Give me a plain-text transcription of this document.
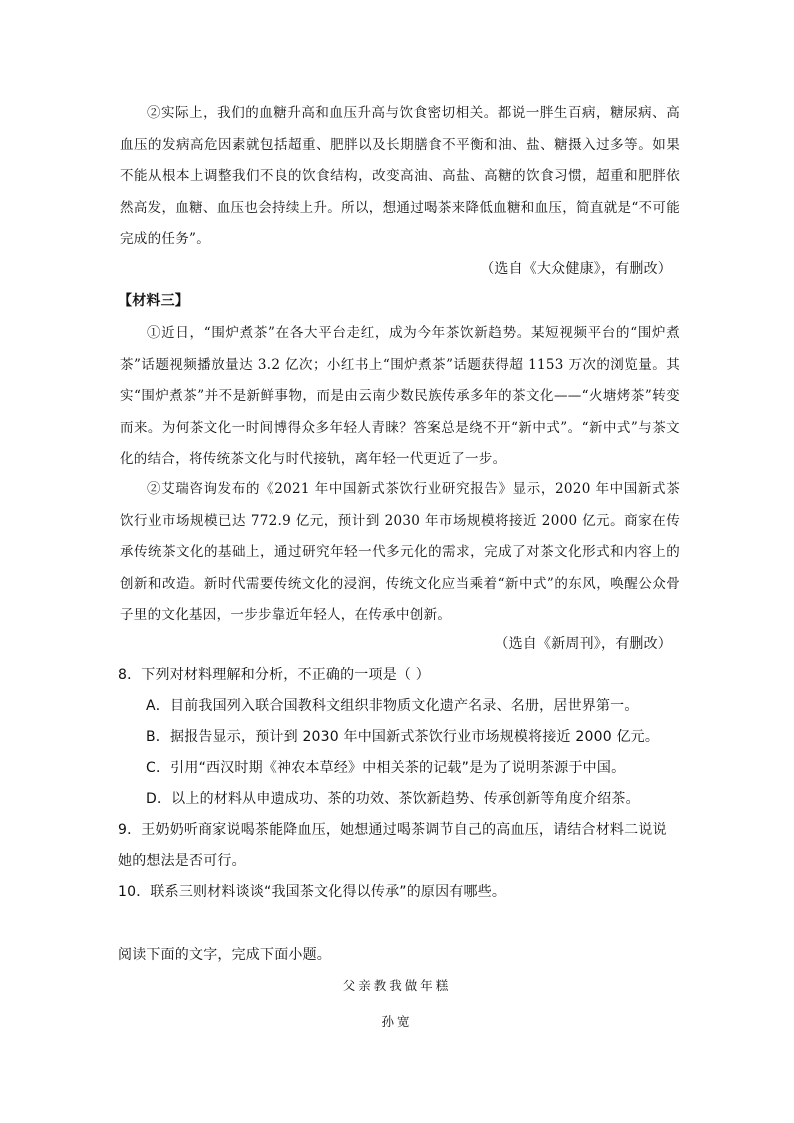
②实际上，我们的血糖升高和血压升高与饮食密切相关。都说一胖生百病，糖尿病、高血压的发病高危因素就包括超重、肥胖以及长期膳食不平衡和油、盐、糖摄入过多等。如果不能从根本上调整我们不良的饮食结构，改变高油、高盐、高糖的饮食习惯，超重和肥胖依然高发，血糖、血压也会持续上升。所以，想通过喝茶来降低血糖和血压，简直就是“不可能完成的任务”。

（选自《大众健康》，有删改）

【材料三】

①近日，“围炉煮茶”在各大平台走红，成为今年茶饮新趋势。某短视频平台的“围炉煮茶”话题视频播放量达 3.2 亿次；小红书上“围炉煮茶”话题获得超 1153 万次的浏览量。其实“围炉煮茶”并不是新鲜事物，而是由云南少数民族传承多年的茶文化——“火塘烤茶”转变而来。为何茶文化一时间博得众多年轻人青睐？答案总是绕不开“新中式”。“新中式”与茶文化的结合，将传统茶文化与时代接轨，离年轻一代更近了一步。

②艾瑞咨询发布的《2021 年中国新式茶饮行业研究报告》显示，2020 年中国新式茶饮行业市场规模已达 772.9 亿元，预计到 2030 年市场规模将接近 2000 亿元。商家在传承传统茶文化的基础上，通过研究年轻一代多元化的需求，完成了对茶文化形式和内容上的创新和改造。新时代需要传统文化的浸润，传统文化应当乘着“新中式”的东风，唤醒公众骨子里的文化基因，一步步靠近年轻人，在传承中创新。

（选自《新周刊》，有删改）

8．下列对材料理解和分析，不正确的一项是（ ）

A．目前我国列入联合国教科文组织非物质文化遗产名录、名册，居世界第一。

B．据报告显示，预计到 2030 年中国新式茶饮行业市场规模将接近 2000 亿元。

C．引用“西汉时期《神农本草经》中相关茶的记载”是为了说明茶源于中国。

D．以上的材料从申遗成功、茶的功效、茶饮新趋势、传承创新等角度介绍茶。

9．王奶奶听商家说喝茶能降血压，她想通过喝茶调节自己的高血压，请结合材料二说说她的想法是否可行。

10．联系三则材料谈谈“我国茶文化得以传承”的原因有哪些。

阅读下面的文字，完成下面小题。

父亲教我做年糕

孙宽
